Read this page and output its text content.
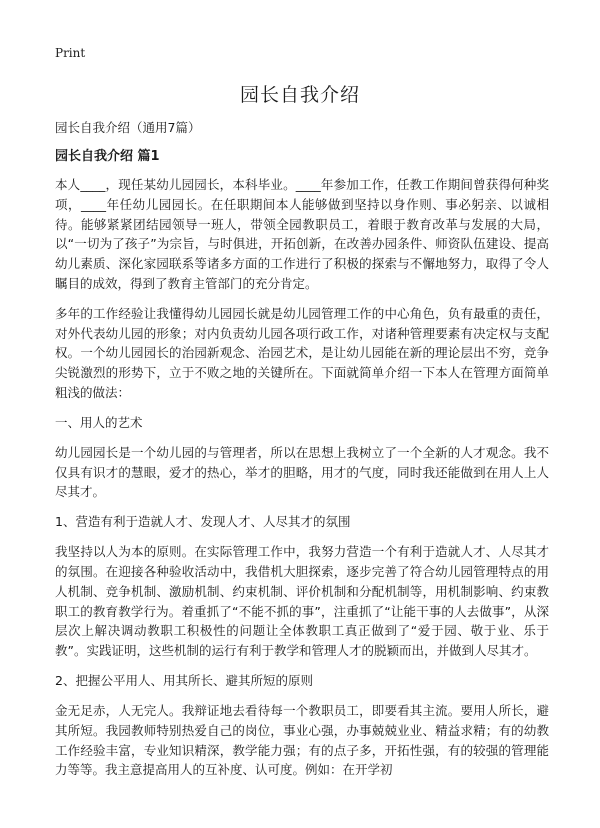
Print
园长自我介绍

园长自我介绍（通用7篇）

园长自我介绍 篇1

本人____，现任某幼儿园园长，本科毕业。____年参加工作，任教工作期间曾获得何种奖项，____年任幼儿园园长。在任职期间本人能够做到坚持以身作则、事必躬亲、以诚相待。能够紧紧团结园领导一班人，带领全园教职员工，着眼于教育改革与发展的大局，以“一切为了孩子”为宗旨，与时俱进，开拓创新，在改善办园条件、师资队伍建设、提高幼儿素质、深化家园联系等诸多方面的工作进行了积极的探索与不懈地努力，取得了令人瞩目的成效，得到了教育主管部门的充分肯定。

多年的工作经验让我懂得幼儿园园长就是幼儿园管理工作的中心角色，负有最重的责任，对外代表幼儿园的形象；对内负责幼儿园各项行政工作，对诸种管理要素有决定权与支配权。一个幼儿园园长的治园新观念、治园艺术，是让幼儿园能在新的理论层出不穷，竞争尖锐激烈的形势下，立于不败之地的关键所在。下面就简单介绍一下本人在管理方面简单粗浅的做法：

一、用人的艺术

幼儿园园长是一个幼儿园的与管理者，所以在思想上我树立了一个全新的人才观念。我不仅具有识才的慧眼，爱才的热心，举才的胆略，用才的气度，同时我还能做到在用人上人尽其才。

1、营造有利于造就人才、发现人才、人尽其才的氛围

我坚持以人为本的原则。在实际管理工作中，我努力营造一个有利于造就人才、人尽其才的氛围。在迎接各种验收活动中，我借机大胆探索，逐步完善了符合幼儿园管理特点的用人机制、竞争机制、激励机制、约束机制、评价机制和分配机制等，用机制影响、约束教职工的教育教学行为。着重抓了“不能不抓的事”，注重抓了“让能干事的人去做事”，从深层次上解决调动教职工积极性的问题让全体教职工真正做到了“爱于园、敬于业、乐于教”。实践证明，这些机制的运行有利于教学和管理人才的脱颖而出，并做到人尽其才。

2、把握公平用人、用其所长、避其所短的原则

金无足赤，人无完人。我辩证地去看待每一个教职员工，即要看其主流。要用人所长，避其所短。我园教师特别热爱自己的岗位，事业心强，办事兢兢业业、精益求精；有的幼教工作经验丰富，专业知识精深，教学能力强；有的点子多，开拓性强，有的较强的管理能力等等。我主意提高用人的互补度、认可度。例如：在开学初
